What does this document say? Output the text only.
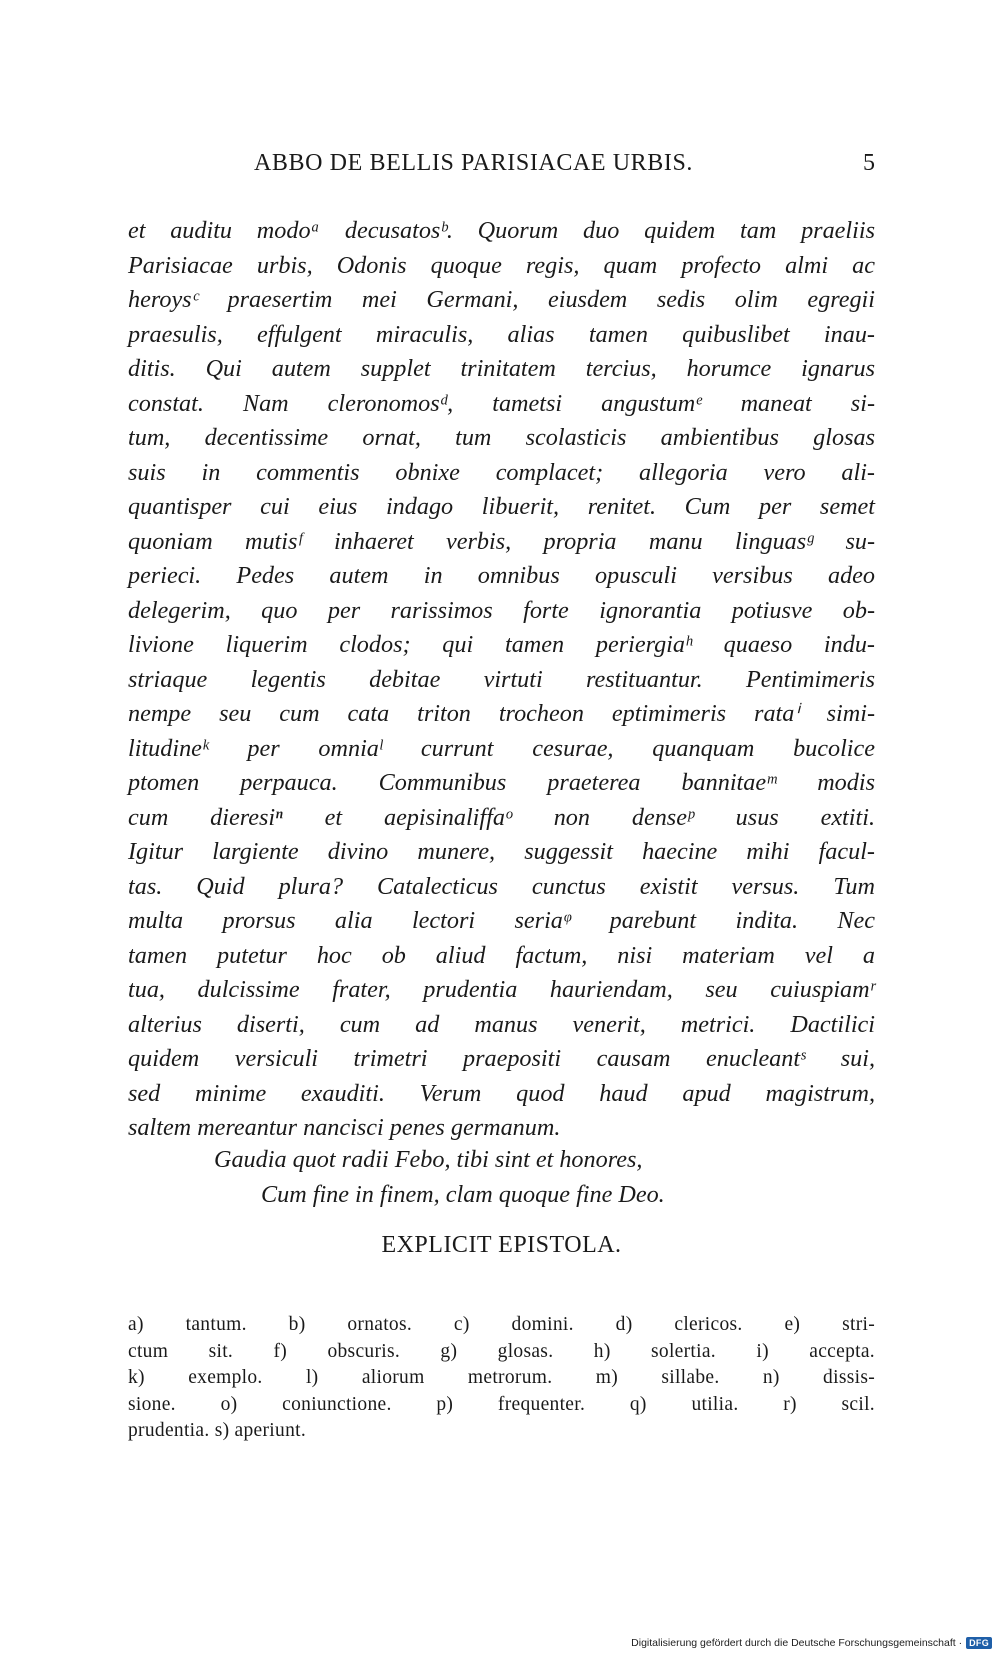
ABBO DE BELLIS PARISIACAE URBIS.	5
et auditu modoᵃ decusatosᵇ. Quorum duo quidem tam praeliis
Parisiacae urbis, Odonis quoque regis, quam profecto almi ac
heroysᶜ praesertim mei Germani, eiusdem sedis olim egregii
praesulis, effulgent miraculis, alias tamen quibuslibet inau-
ditis. Qui autem supplet trinitatem tercius, horumce ignarus
constat. Nam cleronomosᵈ, tametsi angustumᵉ maneat si-
tum, decentissime ornat, tum scolasticis ambientibus glosas
suis in commentis obnixe complacet; allegoria vero ali-
quantisper cui eius indago libuerit, renitet. Cum per semet
quoniam mutisᶠ inhaeret verbis, propria manu linguasᵍ su-
perieci. Pedes autem in omnibus opusculi versibus adeo
delegerim, quo per rarissimos forte ignorantia potiusve ob-
livione liquerim clodos; qui tamen periergiaʰ quaeso indu-
striaque legentis debitae virtuti restituantur. Pentimimeris
nempe seu cum cata triton trocheon eptimimeris rataⁱ simi-
litudineᵏ per omniaˡ currunt cesurae, quanquam bucolice
ptomen perpauca. Communibus praeterea bannitaeᵐ modis
cum dieresiⁿ et aepisinaliffaᵒ non denseᵖ usus extiti.
Igitur largiente divino munere, suggessit haecine mihi facul-
tas. Quid plura? Catalecticus cunctus existit versus. Tum
multa prorsus alia lectori seriaᵠ parebunt indita. Nec
tamen putetur hoc ob aliud factum, nisi materiam vel a
tua, dulcissime frater, prudentia hauriendam, seu cuiuspiamʳ
alterius diserti, cum ad manus venerit, metrici. Dactilici
quidem versiculi trimetri praepositi causam enucleantˢ sui,
sed minime exauditi. Verum quod haud apud magistrum,
saltem mereantur nancisci penes germanum.
Gaudia quot radii Febo, tibi sint et honores,
Cum fine in finem, clam quoque fine Deo.
EXPLICIT EPISTOLA.
a) tantum. b) ornatos. c) domini. d) clericos. e) stri-
ctum sit. f) obscuris. g) glosas. h) solertia. i) accepta.
k) exemplo. l) aliorum metrorum. m) sillabe. n) dissis-
sione. o) coniunctione. p) frequenter. q) utilia. r) scil.
prudentia. s) aperiunt.
Digitalisierung gefördert durch die Deutsche Forschungsgemeinschaft · DFG
